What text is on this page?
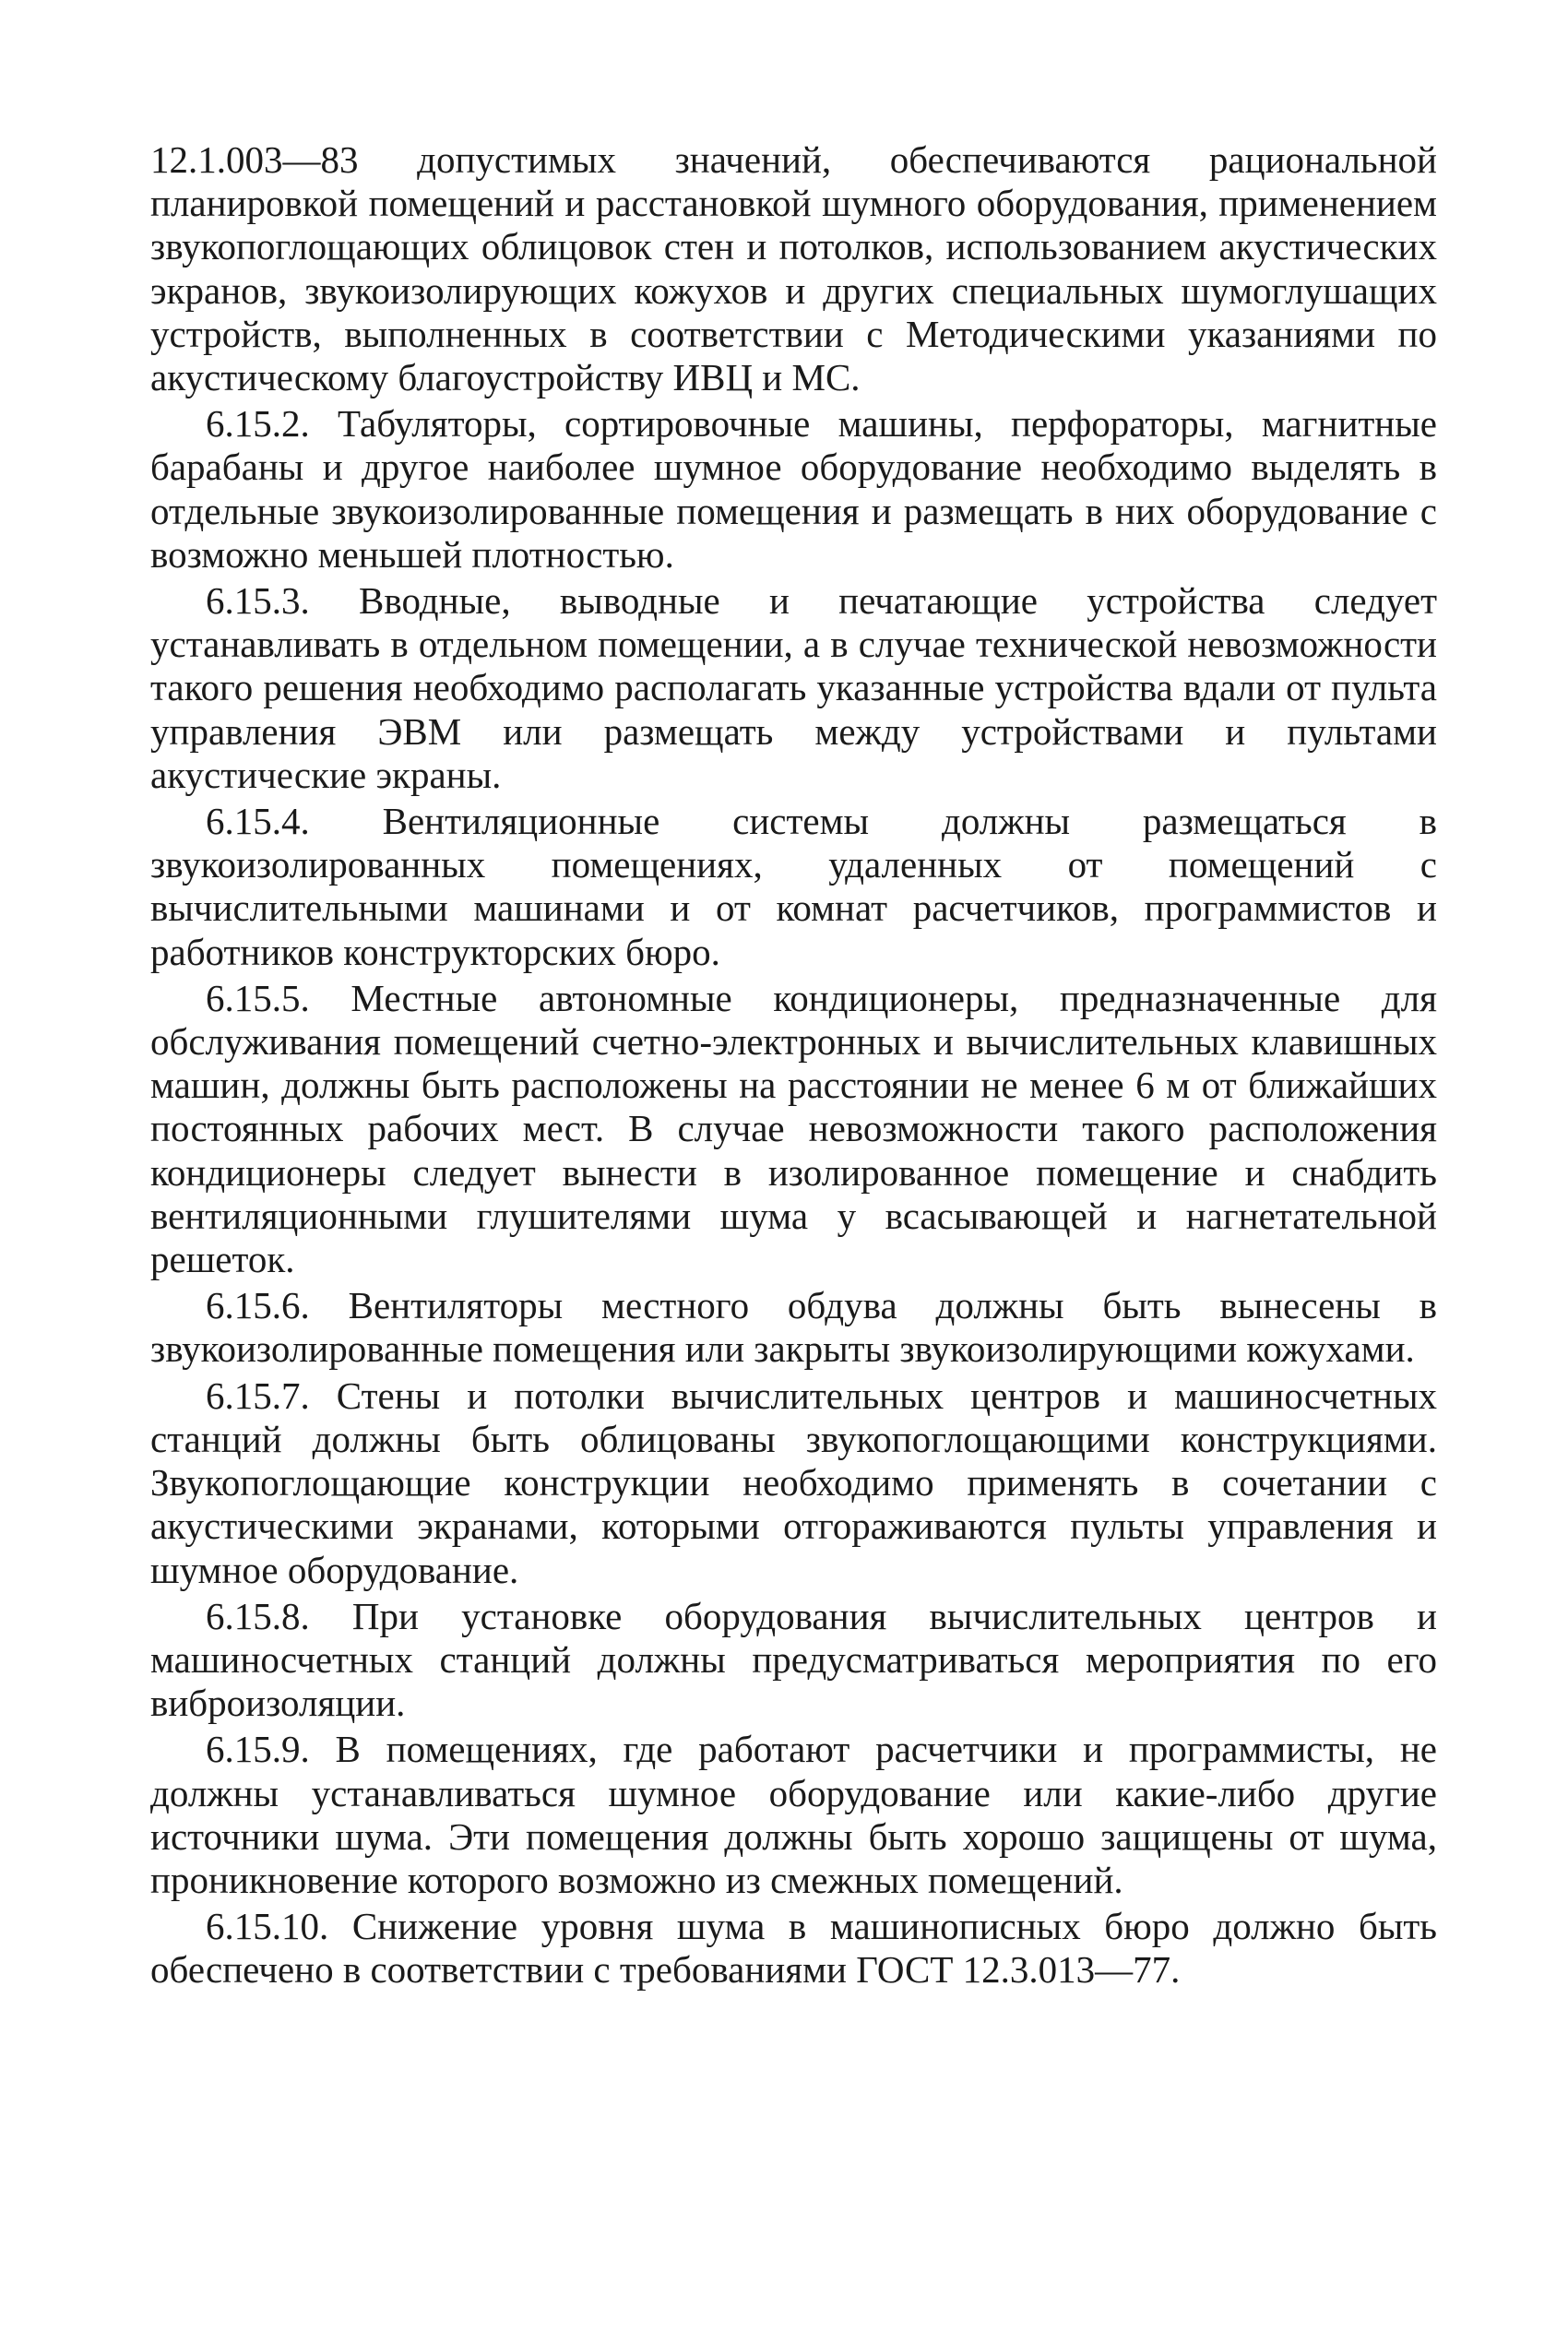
12.1.003—83 допустимых значений, обеспечиваются рациональной планировкой помещений и расстановкой шумного оборудования, применением звукопоглощающих облицовок стен и потолков, использованием акустических экранов, звукоизолирующих кожухов и других специальных шумоглушащих устройств, выполненных в соответствии с Методическими указаниями по акустическому благоустройству ИВЦ и МС.

6.15.2. Табуляторы, сортировочные машины, перфораторы, магнитные барабаны и другое наиболее шумное оборудование необходимо выделять в отдельные звукоизолированные помещения и размещать в них оборудование с возможно меньшей плотностью.

6.15.3. Вводные, выводные и печатающие устройства следует устанавливать в отдельном помещении, а в случае технической невозможности такого решения необходимо располагать указанные устройства вдали от пульта управления ЭВМ или размещать между устройствами и пультами акустические экраны.

6.15.4. Вентиляционные системы должны размещаться в звукоизолированных помещениях, удаленных от помещений с вычислительными машинами и от комнат расчетчиков, программистов и работников конструкторских бюро.

6.15.5. Местные автономные кондиционеры, предназначенные для обслуживания помещений счетно-электронных и вычислительных клавишных машин, должны быть расположены на расстоянии не менее 6 м от ближайших постоянных рабочих мест. В случае невозможности такого расположения кондиционеры следует вынести в изолированное помещение и снабдить вентиляционными глушителями шума у всасывающей и нагнетательной решеток.

6.15.6. Вентиляторы местного обдува должны быть вынесены в звукоизолированные помещения или закрыты звукоизолирующими кожухами.

6.15.7. Стены и потолки вычислительных центров и машиносчетных станций должны быть облицованы звукопоглощающими конструкциями. Звукопоглощающие конструкции необходимо применять в сочетании с акустическими экранами, которыми отгораживаются пульты управления и шумное оборудование.

6.15.8. При установке оборудования вычислительных центров и машиносчетных станций должны предусматриваться мероприятия по его виброизоляции.

6.15.9. В помещениях, где работают расчетчики и программисты, не должны устанавливаться шумное оборудование или какие-либо другие источники шума. Эти помещения должны быть хорошо защищены от шума, проникновение которого возможно из смежных помещений.

6.15.10. Снижение уровня шума в машинописных бюро должно быть обеспечено в соответствии с требованиями ГОСТ 12.3.013—77.
